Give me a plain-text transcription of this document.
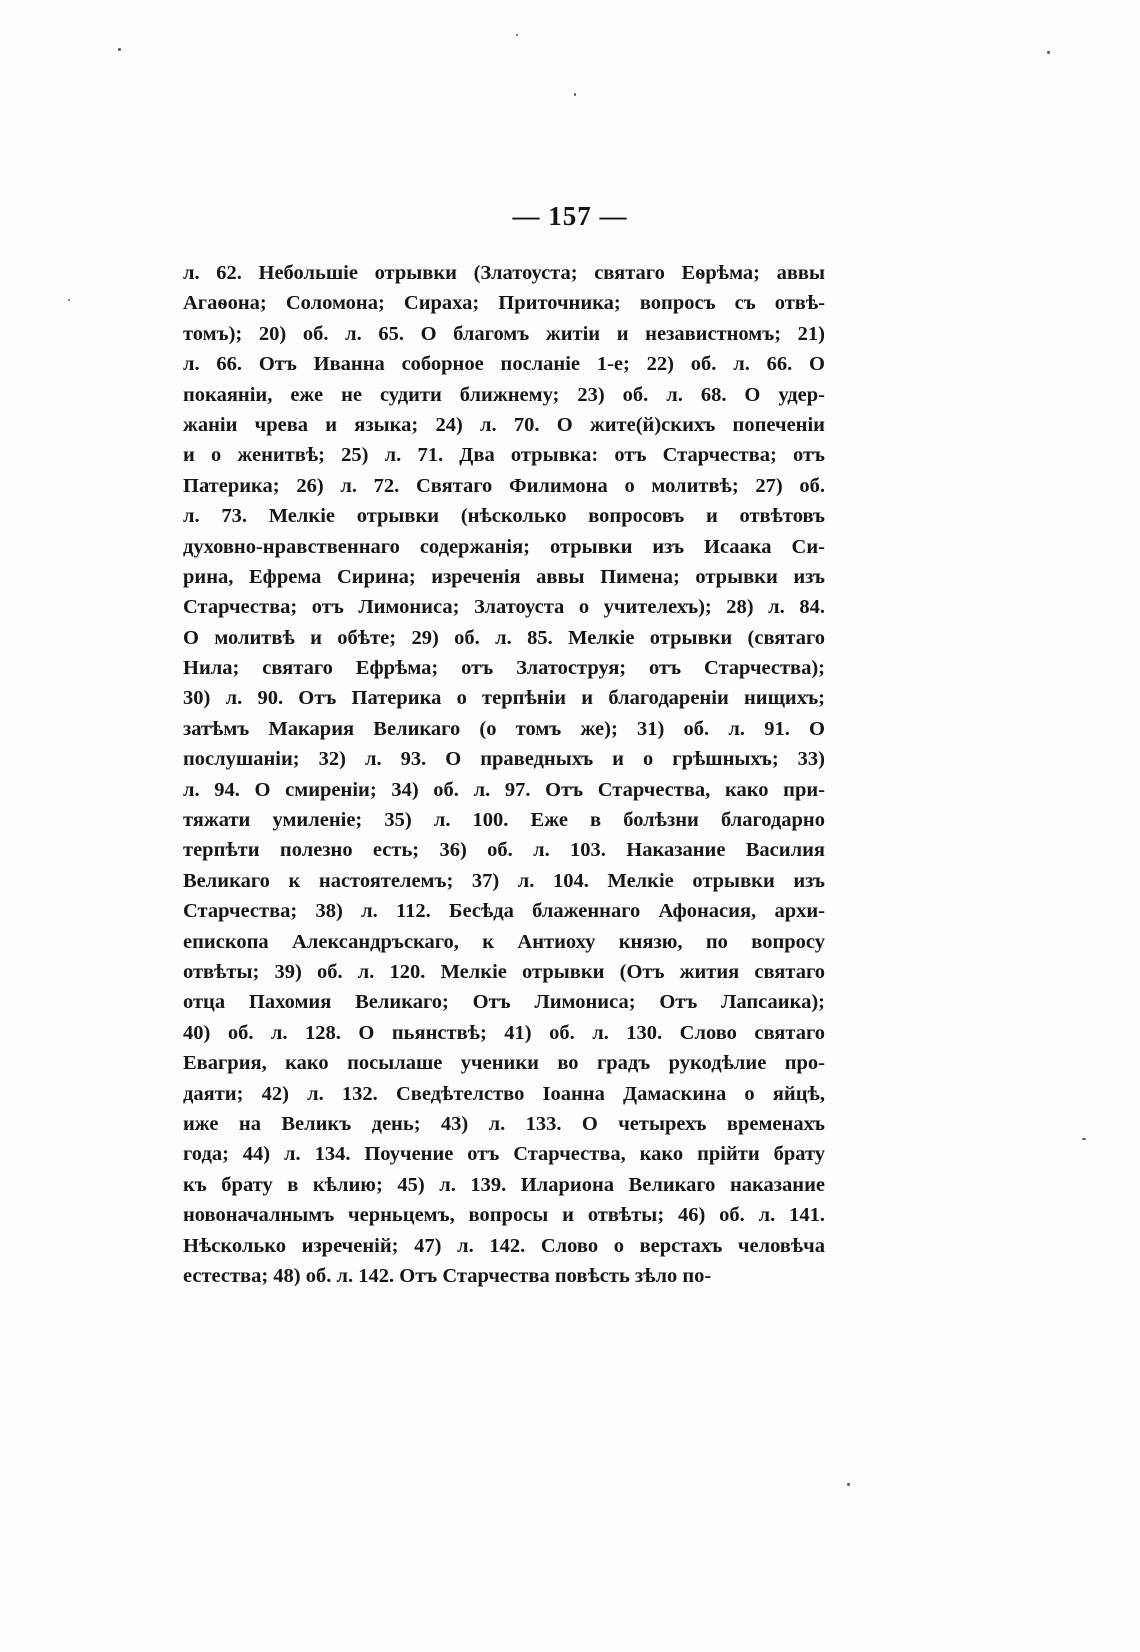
— 157 —
л. 62. Небольшіе отрывки (Златоуста; святаго Еѳрѣма; аввы
Агаѳона; Соломона; Сираха; Приточника; вопросъ съ отвѣ-
томъ); 20) об. л. 65. О благомъ житіи и независтномъ; 21)
л. 66. Отъ Иванна соборное посланіе 1-е; 22) об. л. 66. О
покаяніи, еже не судити ближнему; 23) об. л. 68. О удер-
жаніи чрева и языка; 24) л. 70. О жите(й)скихъ попеченіи
и о женитвѣ; 25) л. 71. Два отрывка: отъ Старчества; отъ
Патерика; 26) л. 72. Святаго Филимона о молитвѣ; 27) об.
л. 73. Мелкіе отрывки (нѣсколько вопросовъ и отвѣтовъ
духовно-нравственнаго содержанія; отрывки изъ Исаака Си-
рина, Ефрема Сирина; изреченія аввы Пимена; отрывки изъ
Старчества; отъ Лимониса; Златоуста о учителехъ); 28) л. 84.
О молитвѣ и обѣте; 29) об. л. 85. Мелкіе отрывки (святаго
Нила; святаго Ефрѣма; отъ Златоструя; отъ Старчества);
30) л. 90. Отъ Патерика о терпѣніи и благодареніи нищихъ;
затѣмъ Макария Великаго (о томъ же); 31) об. л. 91. О
послушаніи; 32) л. 93. О праведныхъ и о грѣшныхъ; 33)
л. 94. О смиреніи; 34) об. л. 97. Отъ Старчества, како при-
тяжати умиленіе; 35) л. 100. Еже в болѣзни благодарно
терпѣти полезно есть; 36) об. л. 103. Наказание Василия
Великаго к настоятелемъ; 37) л. 104. Мелкіе отрывки изъ
Старчества; 38) л. 112. Бесѣда блаженнаго Афонасия, архи-
епископа Александръскаго, к Антиоху князю, по вопросу
отвѣты; 39) об. л. 120. Мелкіе отрывки (Отъ жития святаго
отца Пахомия Великаго; Отъ Лимониса; Отъ Лапсаика);
40) об. л. 128. О пьянствѣ; 41) об. л. 130. Слово святаго
Евагрия, како посылаше ученики во градъ рукодѣлие про-
даяти; 42) л. 132. Сведѣтелство Іоанна Дамаскина о яйцѣ,
иже на Великъ день; 43) л. 133. О четырехъ временахъ
года; 44) л. 134. Поучение отъ Старчества, како прійти брату
къ брату в кѣлию; 45) л. 139. Илариона Великаго наказание
новоначалнымъ черньцемъ, вопросы и отвѣты; 46) об. л. 141.
Нѣсколько изреченій; 47) л. 142. Слово о верстахъ человѣча
естества; 48) об. л. 142. Отъ Старчества повѣсть зѣло по-
